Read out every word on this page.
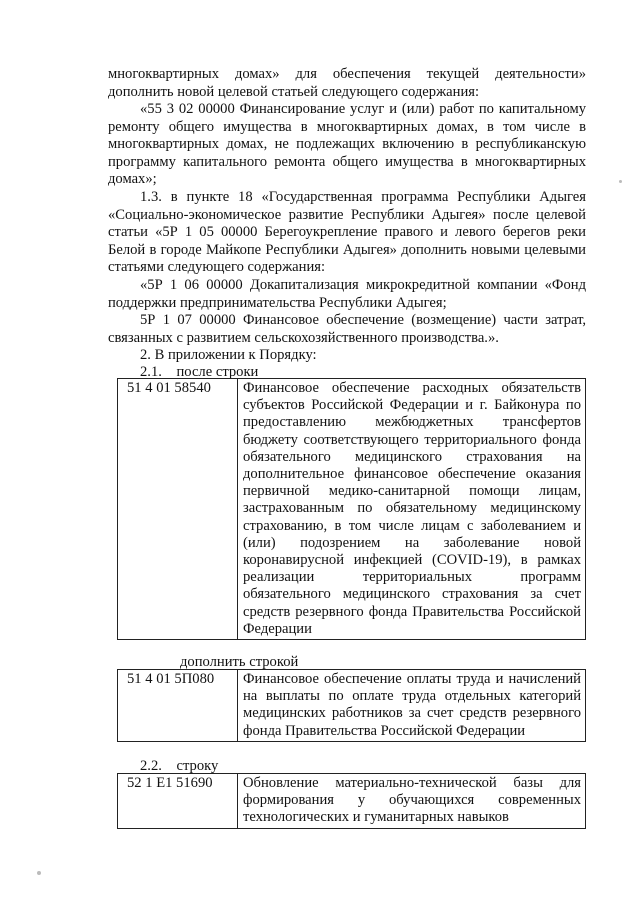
многоквартирных домах» для обеспечения текущей деятельности» дополнить новой целевой статьей следующего содержания:

«55 3 02 00000 Финансирование услуг и (или) работ по капитальному ремонту общего имущества в многоквартирных домах, в том числе в многоквартирных домах, не подлежащих включению в республиканскую программу капитального ремонта общего имущества в многоквартирных домах»;

1.3. в пункте 18 «Государственная программа Республики Адыгея «Социально-экономическое развитие Республики Адыгея» после целевой статьи «5Р 1 05 00000 Берегоукрепление правого и левого берегов реки Белой в городе Майкопе Республики Адыгея» дополнить новыми целевыми статьями следующего содержания:

«5Р 1 06 00000 Докапитализация микрокредитной компании «Фонд поддержки предпринимательства Республики Адыгея;

5Р 1 07 00000 Финансовое обеспечение (возмещение) части затрат, связанных с развитием сельскохозяйственного производства.».

2. В приложении к Порядку:

2.1.    после строки

51 4 01 58540	Финансовое обеспечение расходных обязательств субъектов Российской Федерации и г. Байконура по предоставлению межбюджетных трансфертов бюджету соответствующего территориального фонда обязательного медицинского страхования на дополнительное финансовое обеспечение оказания первичной медико-санитарной помощи лицам, застрахованным по обязательному медицинскому страхованию, в том числе лицам с заболеванием и (или) подозрением на заболевание новой коронавирусной инфекцией (COVID-19), в рамках реализации территориальных программ обязательного медицинского страхования за счет средств резервного фонда Правительства Российской Федерации

дополнить строкой

51 4 01 5П080	Финансовое обеспечение оплаты труда и начислений на выплаты по оплате труда отдельных категорий медицинских работников за счет средств резервного фонда Правительства Российской Федерации

2.2.    строку

52 1 Е1 51690	Обновление материально-технической базы для формирования у обучающихся современных технологических и гуманитарных навыков
